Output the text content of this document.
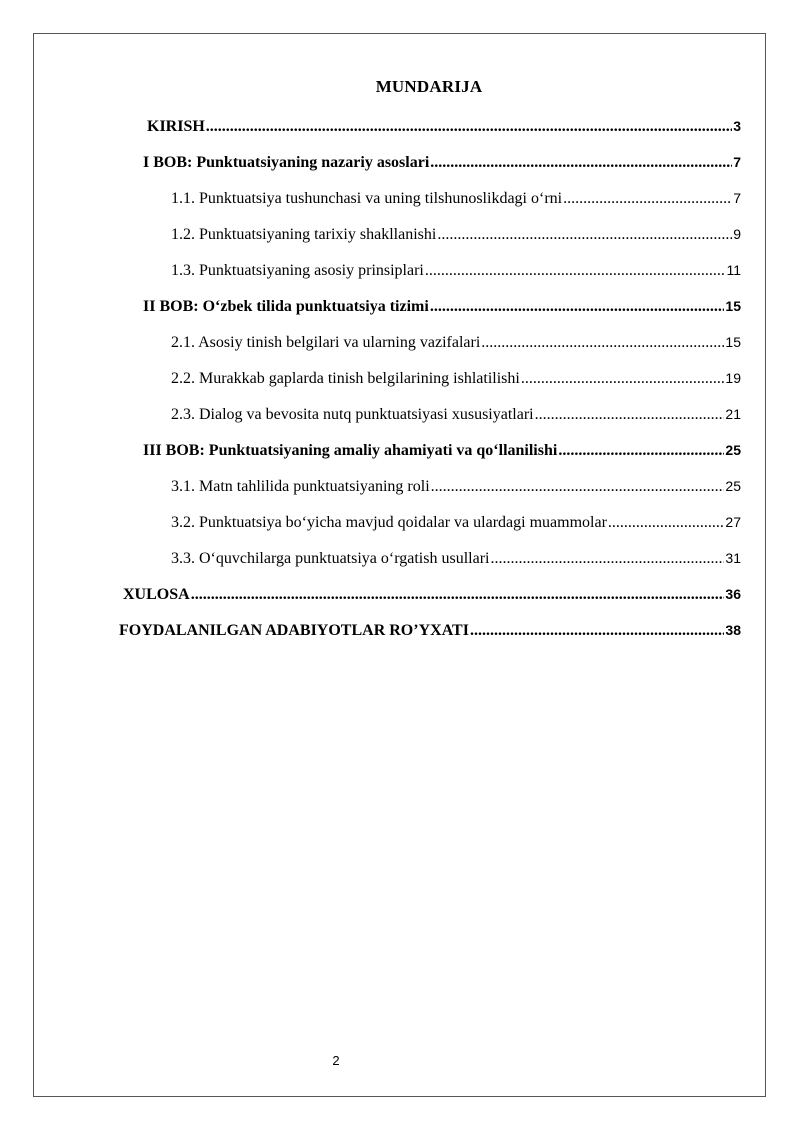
MUNDARIJA
KIRISH .....	3
I BOB: Punktuatsiyaning nazariy asoslari .....	7
1.1. Punktuatsiya tushunchasi va uning tilshunoslikdagi o‘rni .....	7
1.2. Punktuatsiyaning tarixiy shakllanishi .....	9
1.3. Punktuatsiyaning asosiy prinsiplari .....	11
II BOB: O‘zbek tilida punktuatsiya tizimi .....	15
2.1. Asosiy tinish belgilari va ularning vazifalari .....	15
2.2. Murakkab gaplarda tinish belgilarining ishlatilishi .....	19
2.3. Dialog va bevosita nutq punktuatsiyasi xususiyatlari .....	21
III BOB: Punktuatsiyaning amaliy ahamiyati va qo‘llanilishi .....	25
3.1. Matn tahlilida punktuatsiyaning roli .....	25
3.2. Punktuatsiya bo‘yicha mavjud qoidalar va ulardagi muammolar .....	27
3.3. O‘quvchilarga punktuatsiya o‘rgatish usullari .....	31
XULOSA .....	36
FOYDALANILGAN ADABIYOTLAR RO’YXATI .....	38
2
